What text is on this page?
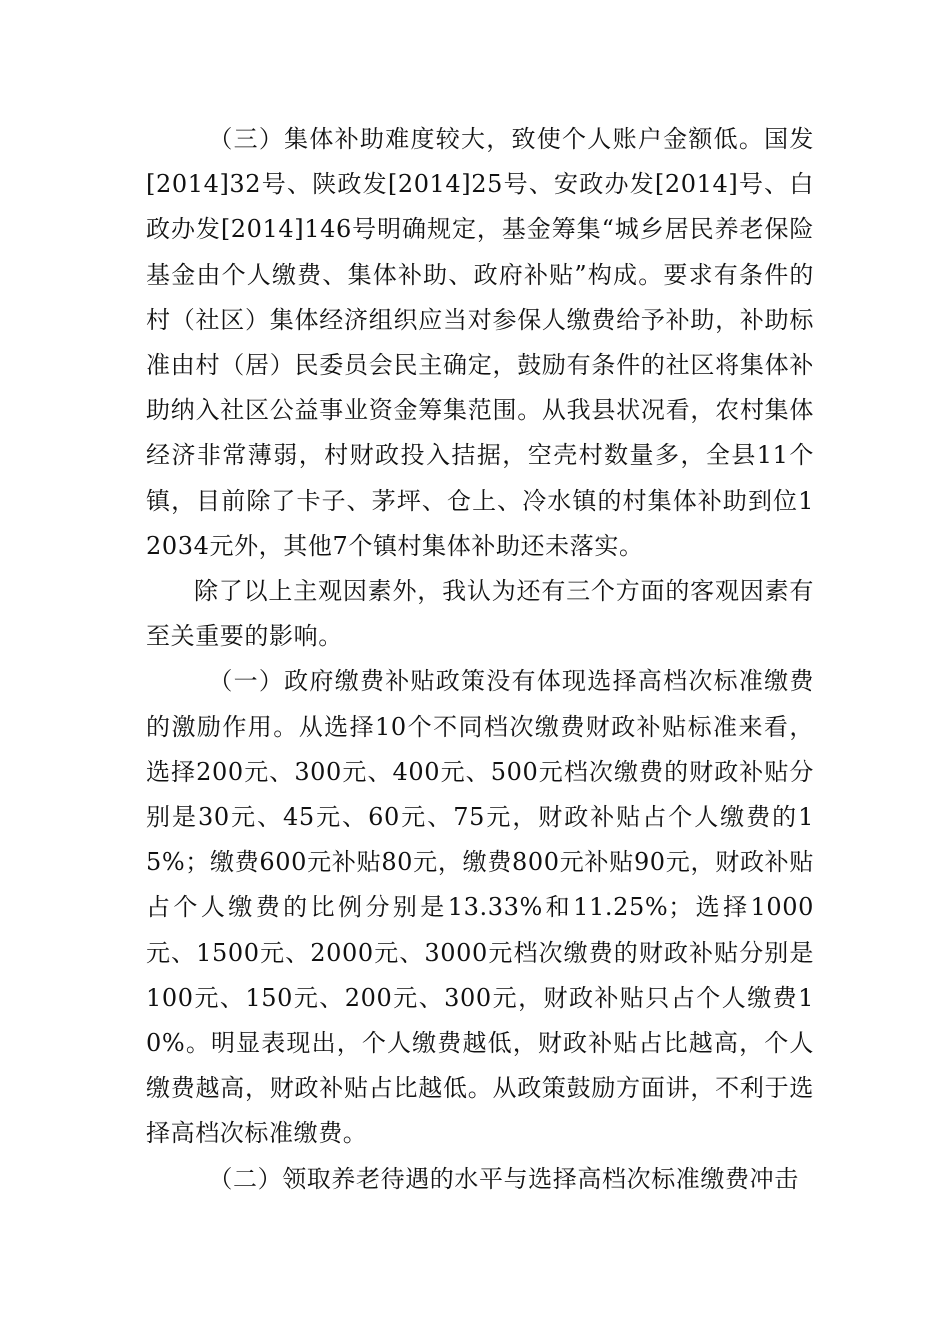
（三）集体补助难度较大，致使个人账户金额低。国发[2014]32号、陕政发[2014]25号、安政办发[2014]号、白政办发[2014]146号明确规定，基金筹集“城乡居民养老保险基金由个人缴费、集体补助、政府补贴”构成。要求有条件的村（社区）集体经济组织应当对参保人缴费给予补助，补助标准由村（居）民委员会民主确定，鼓励有条件的社区将集体补助纳入社区公益事业资金筹集范围。从我县状况看，农村集体经济非常薄弱，村财政投入拮据，空壳村数量多，全县11个镇，目前除了卡子、茅坪、仓上、冷水镇的村集体补助到位12034元外，其他7个镇村集体补助还未落实。

除了以上主观因素外，我认为还有三个方面的客观因素有至关重要的影响。

（一）政府缴费补贴政策没有体现选择高档次标准缴费的激励作用。从选择10个不同档次缴费财政补贴标准来看，选择200元、300元、400元、500元档次缴费的财政补贴分别是30元、45元、60元、75元，财政补贴占个人缴费的15%；缴费600元补贴80元，缴费800元补贴90元，财政补贴占个人缴费的比例分别是13.33%和11.25%；选择1000元、1500元、2000元、3000元档次缴费的财政补贴分别是100元、150元、200元、300元，财政补贴只占个人缴费10%。明显表现出，个人缴费越低，财政补贴占比越高，个人缴费越高，财政补贴占比越低。从政策鼓励方面讲，不利于选择高档次标准缴费。

（二）领取养老待遇的水平与选择高档次标准缴费冲击
